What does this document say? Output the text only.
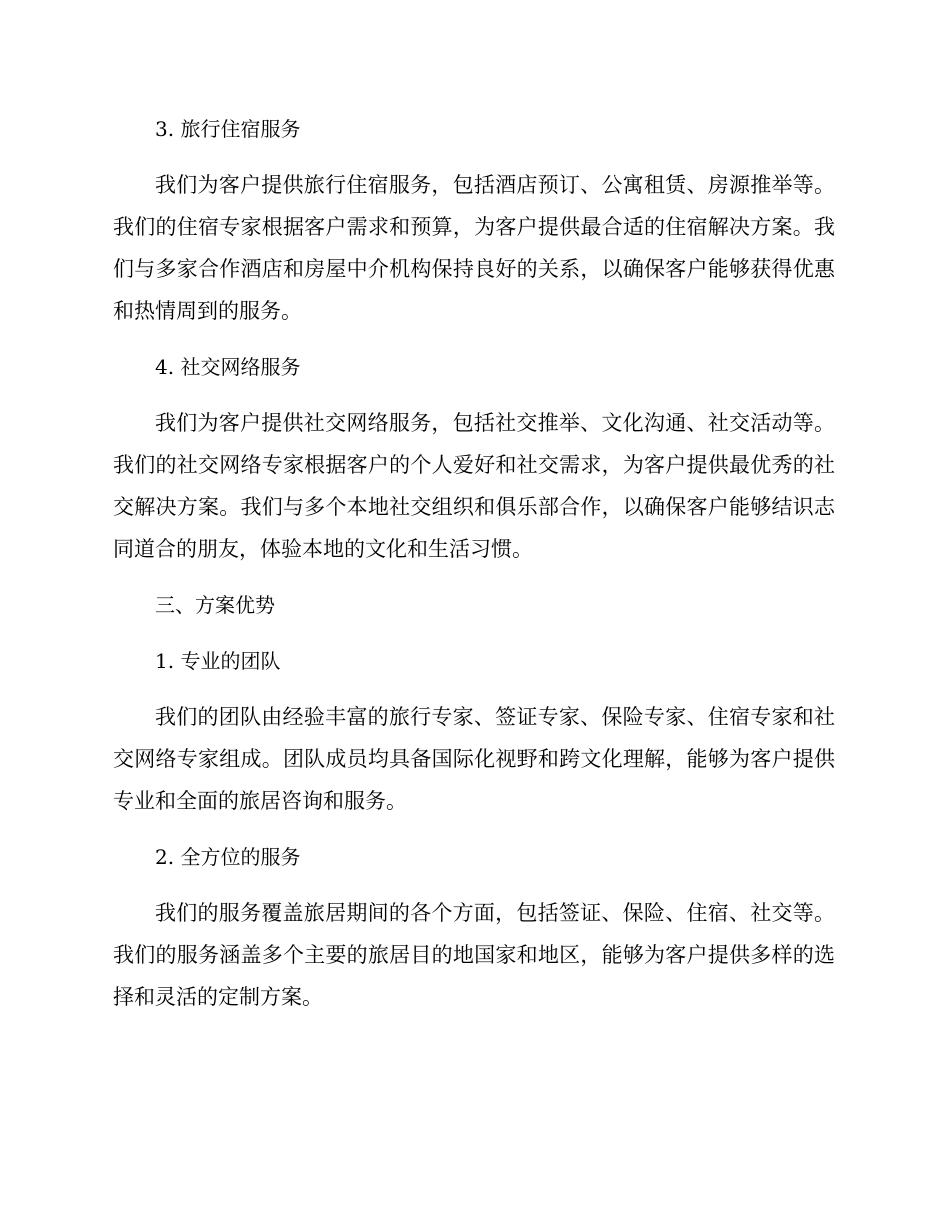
3. 旅行住宿服务

我们为客户提供旅行住宿服务，包括酒店预订、公寓租赁、房源推举等。我们的住宿专家根据客户需求和预算，为客户提供最合适的住宿解决方案。我们与多家合作酒店和房屋中介机构保持良好的关系，以确保客户能够获得优惠和热情周到的服务。

4. 社交网络服务

我们为客户提供社交网络服务，包括社交推举、文化沟通、社交活动等。我们的社交网络专家根据客户的个人爱好和社交需求，为客户提供最优秀的社交解决方案。我们与多个本地社交组织和俱乐部合作，以确保客户能够结识志同道合的朋友，体验本地的文化和生活习惯。

三、方案优势
1. 专业的团队

我们的团队由经验丰富的旅行专家、签证专家、保险专家、住宿专家和社交网络专家组成。团队成员均具备国际化视野和跨文化理解，能够为客户提供专业和全面的旅居咨询和服务。

2. 全方位的服务

我们的服务覆盖旅居期间的各个方面，包括签证、保险、住宿、社交等。我们的服务涵盖多个主要的旅居目的地国家和地区，能够为客户提供多样的选择和灵活的定制方案。
